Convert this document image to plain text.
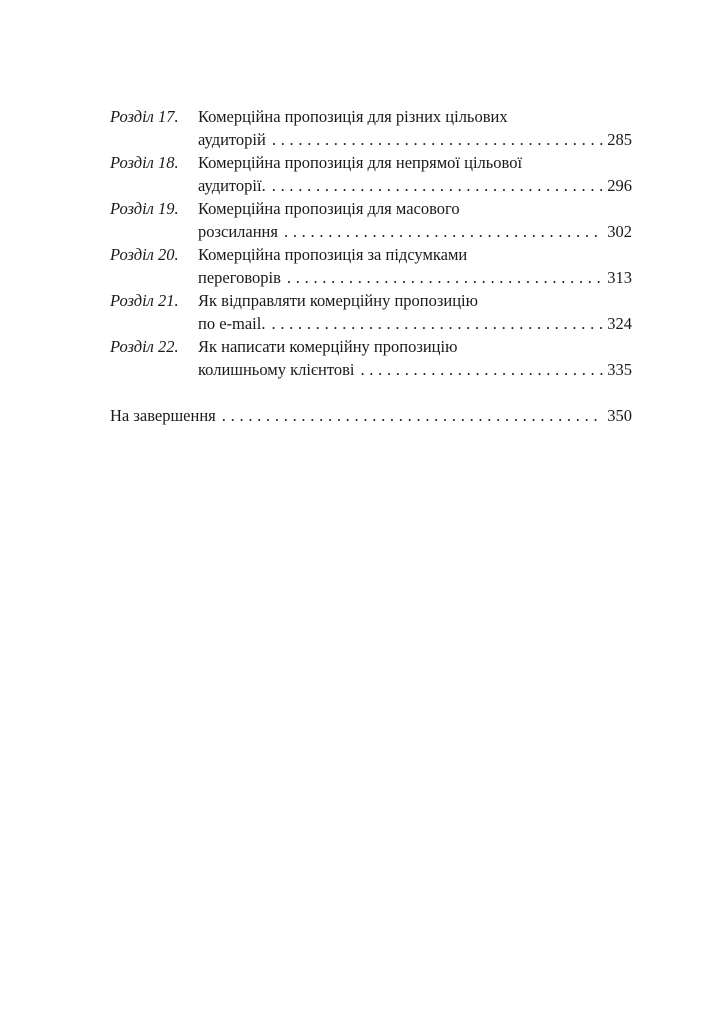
Розділ 17.	Комерційна пропозиція для різних цільових
аудиторій . . .	285
Розділ 18.	Комерційна пропозиція для непрямої цільової
аудиторії. . . .	296
Розділ 19.	Комерційна пропозиція для масового
розсилання . . .	302
Розділ 20.	Комерційна пропозиція за підсумками
переговорів . . .	313
Розділ 21.	Як відправляти комерційну пропозицію
по e-mail. . . .	324
Розділ 22.	Як написати комерційну пропозицію
колишньому клієнтові . . .	335
На завершення . . .	350
